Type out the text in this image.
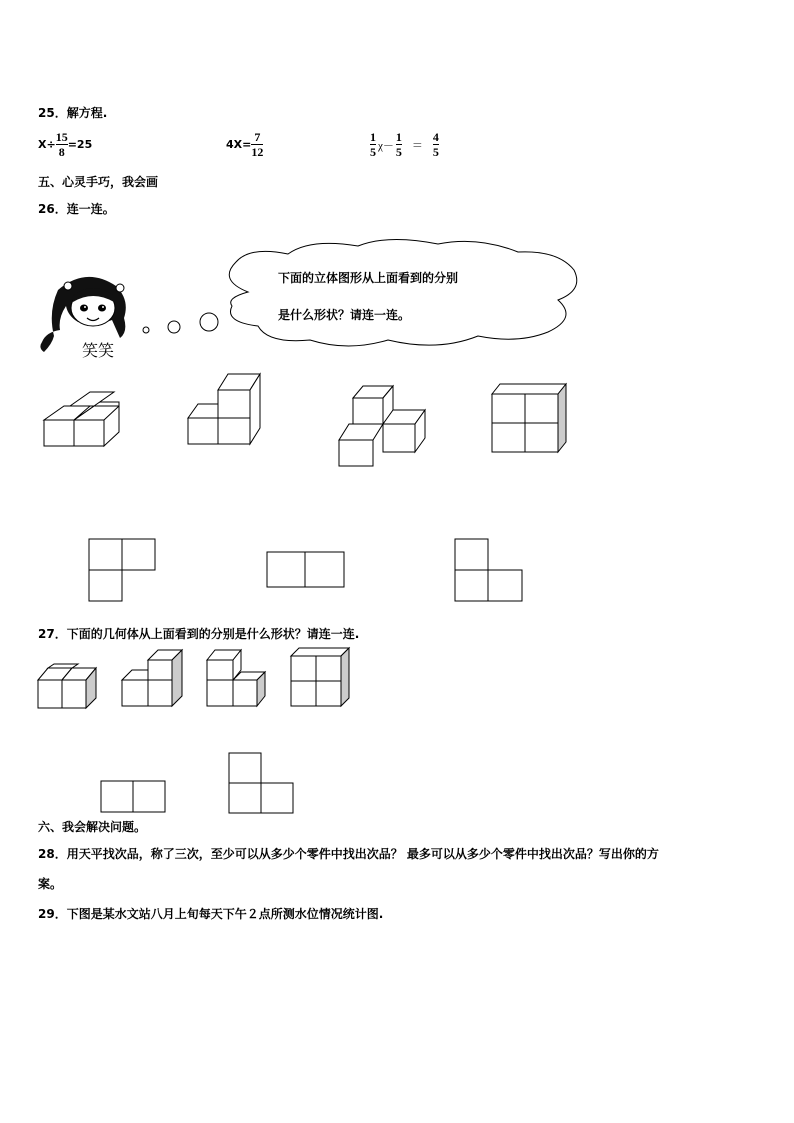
25．解方程.
$X\div \frac{15}{8} =25$	$4X= \frac{7}{12}$	$\frac{1}{5} \chi- \frac{1}{5} = \frac{4}{5}$
五、心灵手巧，我会画
26．连一连。
笑笑
下面的立体图形从上面看到的分别
是什么形状？请连一连。
27．下面的几何体从上面看到的分别是什么形状？请连一连.
六、我会解决问题。
28．用天平找次品，称了三次，至少可以从多少个零件中找出次品？ 最多可以从多少个零件中找出次品？写出你的方
案。
29．下图是某水文站八月上旬每天下午２点所测水位情况统计图.
